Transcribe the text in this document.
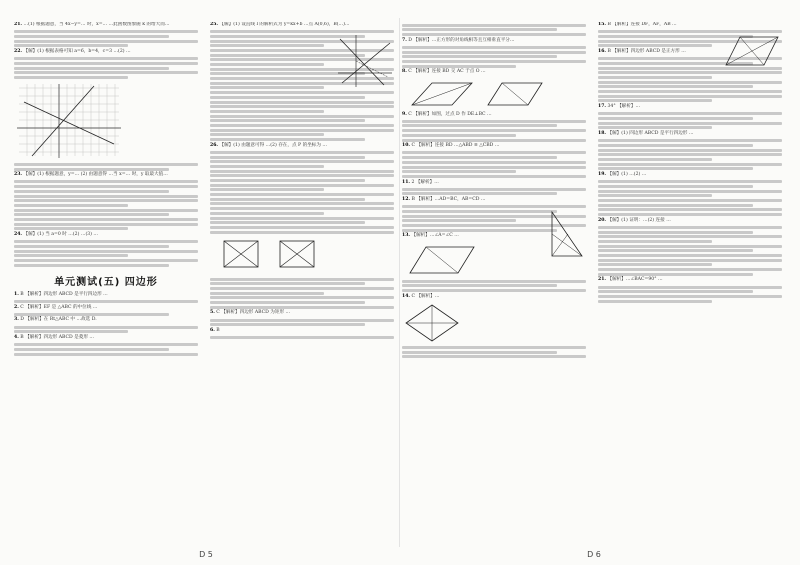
21. …(1) 根据题意，当 4x−y=… 时，x=… …此函数图象随 k 的增大而…
22. 【解】(1) 根据表格可知 a=6，b=4，c=3 …(2) …
23. 【解】(1) 根据题意，y=… (2) 由题意得 …当 x=… 时，y 取最大值…
24. 【解】(1) 当 a=0 时 …(2) …(3) …
单元测试(五) 四边形
1. B 【解析】四边形 ABCD 是平行四边形 …
2. C 【解析】EF 是 △ABC 的中位线 …
3. D 【解析】在 Rt△ABC 中 …故选 D.
4. B 【解析】四边形 ABCD 是菱形 …
25. 【解】(1) 设直线 l 的解析式为 y=kx+b …点 A(0,6)，B(…)…
26. 【解】(1) 由题意可得 …(2) 存在，点 P 的坐标为 …
5. C 【解析】四边形 ABCD 为矩形 …
6. B
D 5
7. D 【解析】…正方形的对角线相等且互相垂直平分…
8. C 【解析】连接 BD 交 AC 于点 O …
9. C 【解析】如图，过点 D 作 DE⊥BC …
10. C 【解析】连接 BD …△ABD ≌ △CBD …
11. 2 【解析】…
12. B 【解析】…AD=BC，AB=CD …
13. 【解析】…∠A=∠C …
14. C 【解析】…
15. B 【解析】连接 DF，AF，AB …
16. B 【解析】四边形 ABCD 是正方形 …
17. 34° 【解析】…
18. 【解】(1) 四边形 ABCD 是平行四边形 …
19. 【解】(1) …(2) …
20. 【解】(1) 证明：…(2) 连接 …
21. 【解析】…∠BAC=90° …
D 6
